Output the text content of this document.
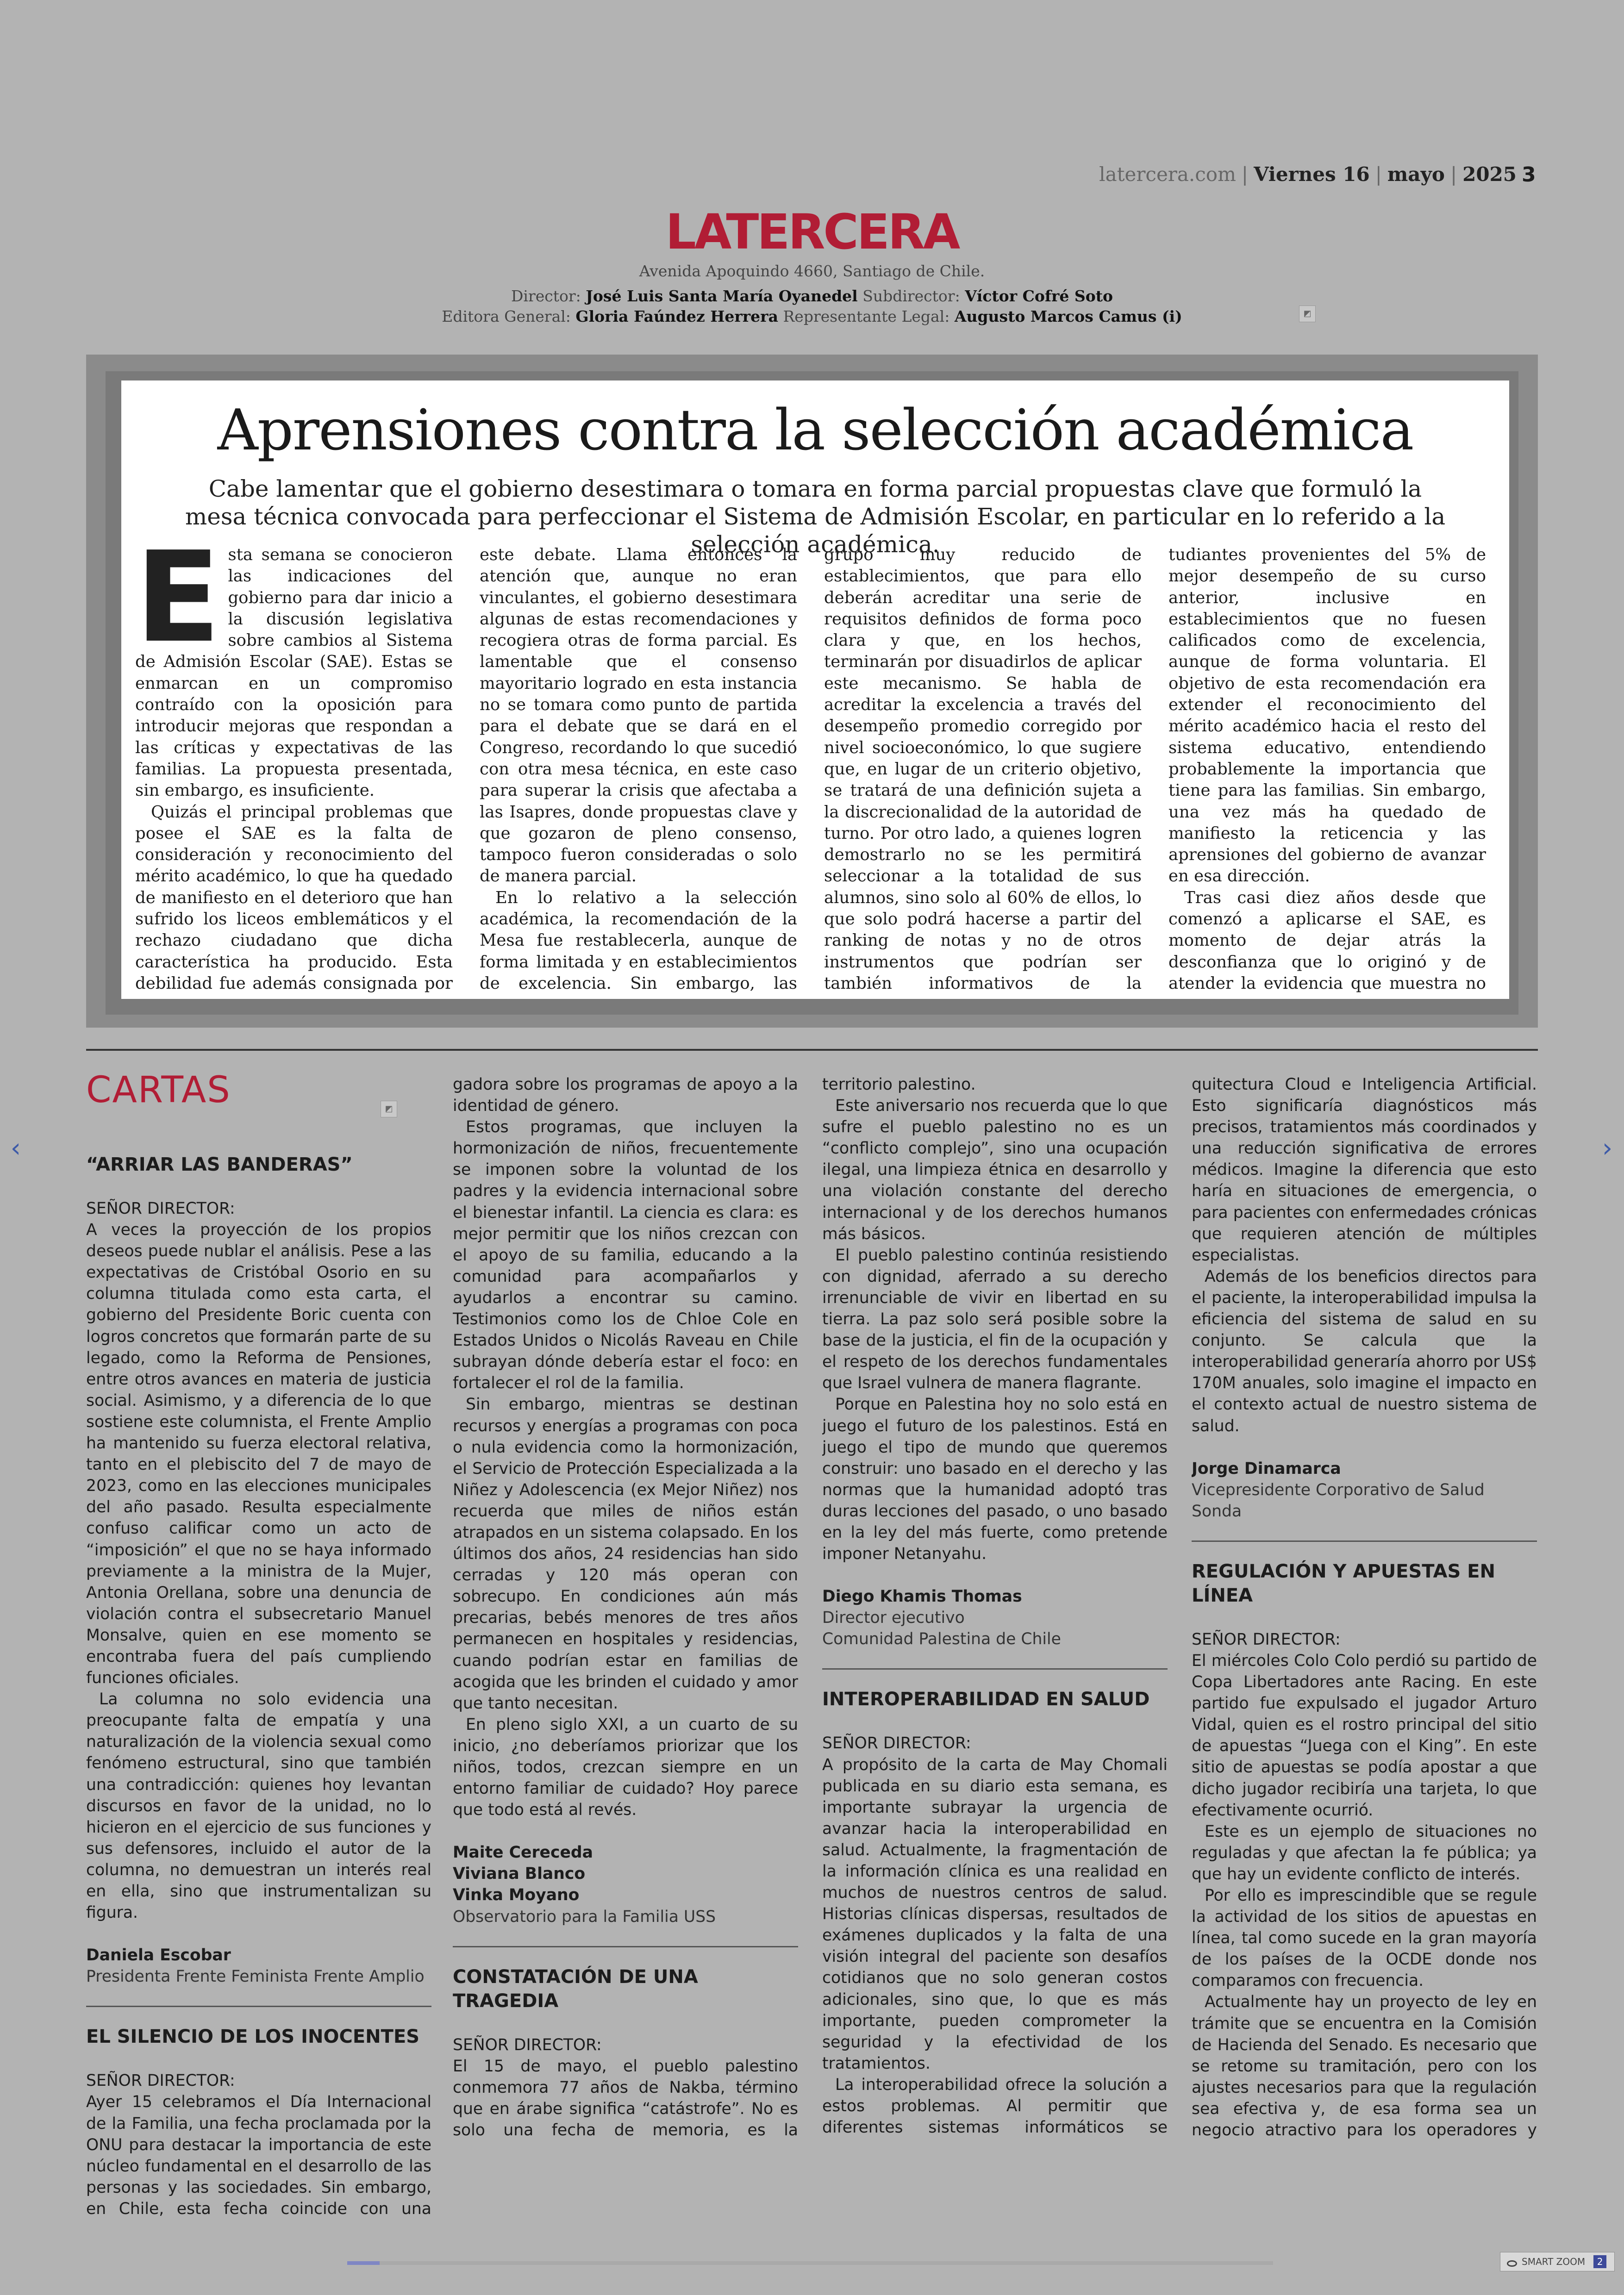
latercera.com | Viernes 16 | mayo | 2025 3
LATERCERA
Avenida Apoquindo 4660, Santiago de Chile.
Director: José Luis Santa María Oyanedel Subdirector: Víctor Cofré Soto
Editora General: Gloria Faúndez Herrera Representante Legal: Augusto Marcos Camus (i)	◩
Aprensiones contra la selección académica
Cabe lamentar que el gobierno desestimara o tomara en forma parcial propuestas clave que formuló la mesa técnica convocada para perfeccionar el Sistema de Admisión Escolar, en particular en lo referido a la selección académica.

Esta semana se conocieron las indicaciones del gobierno para dar inicio a la discusión legislativa sobre cambios al Sistema de Admisión Escolar (SAE). Estas se enmarcan en un compromiso contraído con la oposición para introducir mejoras que respondan a las críticas y expectativas de las familias. La propuesta presentada, sin embargo, es insuficiente.

Quizás el principal problemas que posee el SAE es la falta de consideración y reconocimiento del mérito académico, lo que ha quedado de manifiesto en el deterioro que han sufrido los liceos emblemáticos y el rechazo ciudadano que dicha característica ha producido. Esta debilidad fue además consignada por

este debate. Llama entonces la atención que, aunque no eran vinculantes, el gobierno desestimara algunas de estas recomendaciones y recogiera otras de forma parcial. Es lamentable que el consenso mayoritario logrado en esta instancia no se tomara como punto de partida para el debate que se dará en el Congreso, recordando lo que sucedió con otra mesa técnica, en este caso para superar la crisis que afectaba a las Isapres, donde propuestas clave y que gozaron de pleno consenso, tampoco fueron consideradas o solo de manera parcial.

En lo relativo a la selección académica, la recomendación de la Mesa fue restablecerla, aunque de forma limitada y en establecimientos de excelencia. Sin embargo, las

grupo muy reducido de establecimientos, que para ello deberán acreditar una serie de requisitos definidos de forma poco clara y que, en los hechos, terminarán por disuadirlos de aplicar este mecanismo. Se habla de acreditar la excelencia a través del desempeño promedio corregido por nivel socioeconómico, lo que sugiere que, en lugar de un criterio objetivo, se tratará de una definición sujeta a la discrecionalidad de la autoridad de turno. Por otro lado, a quienes logren demostrarlo no se les permitirá seleccionar a la totalidad de sus alumnos, sino solo al 60% de ellos, lo que solo podrá hacerse a partir del ranking de notas y no de otros instrumentos que podrían ser también informativos de la

tudiantes provenientes del 5% de mejor desempeño de su curso anterior, inclusive en establecimientos que no fuesen calificados como de excelencia, aunque de forma voluntaria. El objetivo de esta recomendación era extender el reconocimiento del mérito académico hacia el resto del sistema educativo, entendiendo probablemente la importancia que tiene para las familias. Sin embargo, una vez más ha quedado de manifiesto la reticencia y las aprensiones del gobierno de avanzar en esa dirección.

Tras casi diez años desde que comenzó a aplicarse el SAE, es momento de dejar atrás la desconfianza que lo originó y de atender la evidencia que muestra no

CARTAS	◩
“ARRIAR LAS BANDERAS”

SEÑOR DIRECTOR:

A veces la proyección de los propios deseos puede nublar el análisis. Pese a las expectativas de Cristóbal Osorio en su columna titulada como esta carta, el gobierno del Presidente Boric cuenta con logros concretos que formarán parte de su legado, como la Reforma de Pensiones, entre otros avances en materia de justicia social. Asimismo, y a diferencia de lo que sostiene este columnista, el Frente Amplio ha mantenido su fuerza electoral relativa, tanto en el plebiscito del 7 de mayo de 2023, como en las elecciones municipales del año pasado. Resulta especialmente confuso calificar como un acto de “imposición” el que no se haya informado previamente a la ministra de la Mujer, Antonia Orellana, sobre una denuncia de violación contra el subsecretario Manuel Monsalve, quien en ese momento se encontraba fuera del país cumpliendo funciones oficiales.

La columna no solo evidencia una preocupante falta de empatía y una naturalización de la violencia sexual como fenómeno estructural, sino que también una contradicción: quienes hoy levantan discursos en favor de la unidad, no lo hicieron en el ejercicio de sus funciones y sus defensores, incluido el autor de la columna, no demuestran un interés real en ella, sino que instrumentalizan su figura.

Daniela Escobar

Presidenta Frente Feminista Frente Amplio

EL SILENCIO DE LOS INOCENTES

SEÑOR DIRECTOR:

Ayer 15 celebramos el Día Internacional de la Familia, una fecha proclamada por la ONU para destacar la importancia de este núcleo fundamental en el desarrollo de las personas y las sociedades. Sin embargo, en Chile, esta fecha coincide con una

gadora sobre los programas de apoyo a la identidad de género.

Estos programas, que incluyen la hormonización de niños, frecuentemente se imponen sobre la voluntad de los padres y la evidencia internacional sobre el bienestar infantil. La ciencia es clara: es mejor permitir que los niños crezcan con el apoyo de su familia, educando a la comunidad para acompañarlos y ayudarlos a encontrar su camino. Testimonios como los de Chloe Cole en Estados Unidos o Nicolás Raveau en Chile subrayan dónde debería estar el foco: en fortalecer el rol de la familia.

Sin embargo, mientras se destinan recursos y energías a programas con poca o nula evidencia como la hormonización, el Servicio de Protección Especializada a la Niñez y Adolescencia (ex Mejor Niñez) nos recuerda que miles de niños están atrapados en un sistema colapsado. En los últimos dos años, 24 residencias han sido cerradas y 120 más operan con sobrecupo. En condiciones aún más precarias, bebés menores de tres años permanecen en hospitales y residencias, cuando podrían estar en familias de acogida que les brinden el cuidado y amor que tanto necesitan.

En pleno siglo XXI, a un cuarto de su inicio, ¿no deberíamos priorizar que los niños, todos, crezcan siempre en un entorno familiar de cuidado? Hoy parece que todo está al revés.

Maite Cereceda

Viviana Blanco

Vinka Moyano

Observatorio para la Familia USS

CONSTATACIÓN DE UNA TRAGEDIA

SEÑOR DIRECTOR:

El 15 de mayo, el pueblo palestino conmemora 77 años de Nakba, término que en árabe significa “catástrofe”. No es solo una fecha de memoria, es la

territorio palestino.

Este aniversario nos recuerda que lo que sufre el pueblo palestino no es un “conflicto complejo”, sino una ocupación ilegal, una limpieza étnica en desarrollo y una violación constante del derecho internacional y de los derechos humanos más básicos.

El pueblo palestino continúa resistiendo con dignidad, aferrado a su derecho irrenunciable de vivir en libertad en su tierra. La paz solo será posible sobre la base de la justicia, el fin de la ocupación y el respeto de los derechos fundamentales que Israel vulnera de manera flagrante.

Porque en Palestina hoy no solo está en juego el futuro de los palestinos. Está en juego el tipo de mundo que queremos construir: uno basado en el derecho y las normas que la humanidad adoptó tras duras lecciones del pasado, o uno basado en la ley del más fuerte, como pretende imponer Netanyahu.

Diego Khamis Thomas

Director ejecutivo

Comunidad Palestina de Chile

INTEROPERABILIDAD EN SALUD

SEÑOR DIRECTOR:

A propósito de la carta de May Chomali publicada en su diario esta semana, es importante subrayar la urgencia de avanzar hacia la interoperabilidad en salud. Actualmente, la fragmentación de la información clínica es una realidad en muchos de nuestros centros de salud. Historias clínicas dispersas, resultados de exámenes duplicados y la falta de una visión integral del paciente son desafíos cotidianos que no solo generan costos adicionales, sino que, lo que es más importante, pueden comprometer la seguridad y la efectividad de los tratamientos.

La interoperabilidad ofrece la solución a estos problemas. Al permitir que diferentes sistemas informáticos se

quitectura Cloud e Inteligencia Artificial. Esto significaría diagnósticos más precisos, tratamientos más coordinados y una reducción significativa de errores médicos. Imagine la diferencia que esto haría en situaciones de emergencia, o para pacientes con enfermedades crónicas que requieren atención de múltiples especialistas.

Además de los beneficios directos para el paciente, la interoperabilidad impulsa la eficiencia del sistema de salud en su conjunto. Se calcula que la interoperabilidad generaría ahorro por US$ 170M anuales, solo imagine el impacto en el contexto actual de nuestro sistema de salud.

Jorge Dinamarca

Vicepresidente Corporativo de Salud Sonda

REGULACIÓN Y APUESTAS EN LÍNEA

SEÑOR DIRECTOR:

El miércoles Colo Colo perdió su partido de Copa Libertadores ante Racing. En este partido fue expulsado el jugador Arturo Vidal, quien es el rostro principal del sitio de apuestas “Juega con el King”. En este sitio de apuestas se podía apostar a que dicho jugador recibiría una tarjeta, lo que efectivamente ocurrió.

Este es un ejemplo de situaciones no reguladas y que afectan la fe pública; ya que hay un evidente conflicto de interés.

Por ello es imprescindible que se regule la actividad de los sitios de apuestas en línea, tal como sucede en la gran mayoría de los países de la OCDE donde nos comparamos con frecuencia.

Actualmente hay un proyecto de ley en trámite que se encuentra en la Comisión de Hacienda del Senado. Es necesario que se retome su tramitación, pero con los ajustes necesarios para que la regulación sea efectiva y, de esa forma sea un negocio atractivo para los operadores y

‹	›
SMART ZOOM 2
